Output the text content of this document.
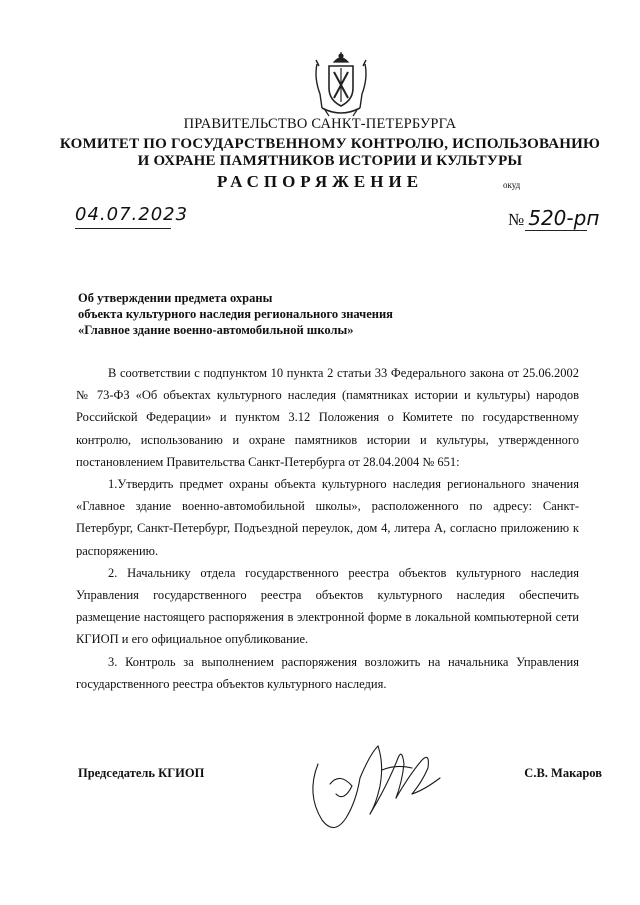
ПРАВИТЕЛЬСТВО САНКТ-ПЕТЕРБУРГА
КОМИТЕТ ПО ГОСУДАРСТВЕННОМУ КОНТРОЛЮ, ИСПОЛЬЗОВАНИЮ
И ОХРАНЕ ПАМЯТНИКОВ ИСТОРИИ И КУЛЬТУРЫ
РАСПОРЯЖЕНИЕ	окуд
04.07.2023	№ 520-рп
Об утверждении предмета охраны
объекта культурного наследия регионального значения
«Главное здание военно-автомобильной школы»

В соответствии с подпунктом 10 пункта 2 статьи 33 Федерального закона от 25.06.2002 № 73-ФЗ «Об объектах культурного наследия (памятниках истории и культуры) народов Российской Федерации» и пунктом 3.12 Положения о Комитете по государственному контролю, использованию и охране памятников истории и культуры, утвержденного постановлением Правительства Санкт-Петербурга от 28.04.2004 № 651:

1.Утвердить предмет охраны объекта культурного наследия регионального значения «Главное здание военно-автомобильной школы», расположенного по адресу: Санкт-Петербург, Санкт-Петербург, Подъездной переулок, дом 4, литера А, согласно приложению к распоряжению.

2. Начальнику отдела государственного реестра объектов культурного наследия Управления государственного реестра объектов культурного наследия обеспечить размещение настоящего распоряжения в электронной форме в локальной компьютерной сети КГИОП и его официальное опубликование.

3. Контроль за выполнением распоряжения возложить на начальника Управления государственного реестра объектов культурного наследия.

Председатель КГИОП	С.В. Макаров
